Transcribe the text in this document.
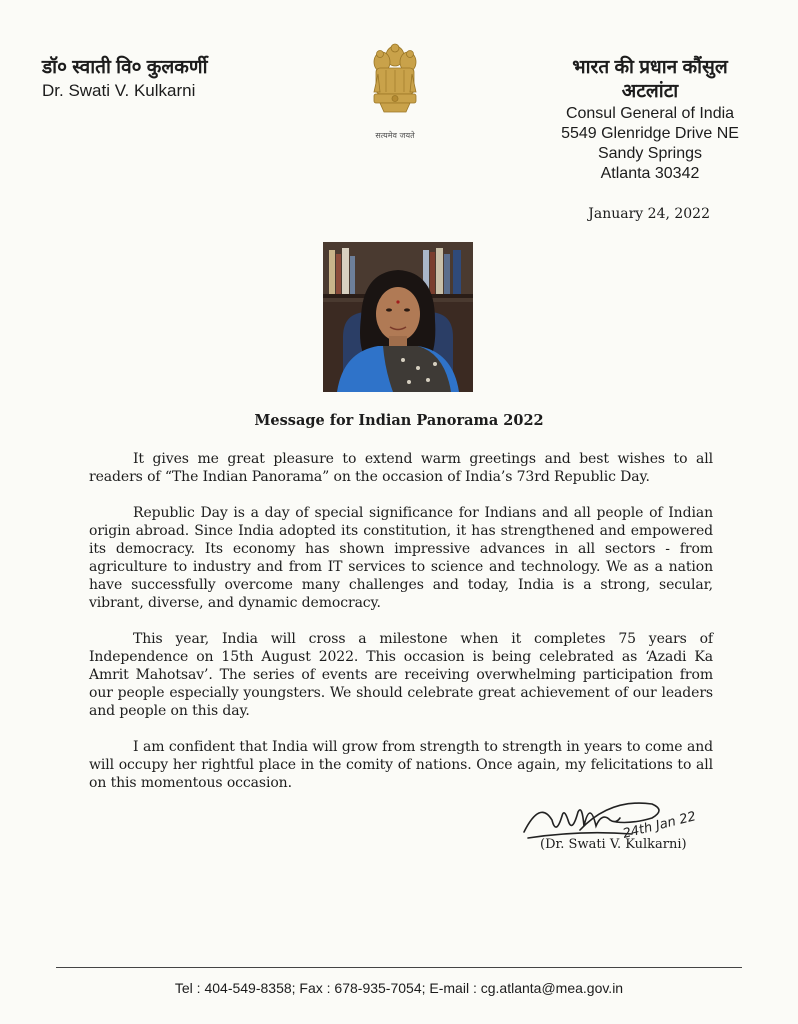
डॉ० स्वाती वि० कुलकर्णी
Dr. Swati V. Kulkarni
सत्यमेव जयते
भारत की प्रधान कौंसुल
अटलांटा
Consul General of India
5549 Glenridge Drive NE
Sandy Springs
Atlanta 30342
January 24, 2022
Message for Indian Panorama 2022

It gives me great pleasure to extend warm greetings and best wishes to all readers of “The Indian Panorama” on the occasion of India’s 73rd Republic Day.

Republic Day is a day of special significance for Indians and all people of Indian origin abroad. Since India adopted its constitution, it has strengthened and empowered its democracy. Its economy has shown impressive advances in all sectors - from agriculture to industry and from IT services to science and technology. We as a nation have successfully overcome many challenges and today, India is a strong, secular, vibrant, diverse, and dynamic democracy.

This year, India will cross a milestone when it completes 75 years of Independence on 15th August 2022. This occasion is being celebrated as ‘Azadi Ka Amrit Mahotsav’. The series of events are receiving overwhelming participation from our people especially youngsters. We should celebrate great achievement of our leaders and people on this day.

I am confident that India will grow from strength to strength in years to come and will occupy her rightful place in the comity of nations. Once again, my felicitations to all on this momentous occasion.

24th Jan 22
(Dr. Swati V. Kulkarni)
Tel : 404-549-8358; Fax : 678-935-7054; E-mail : cg.atlanta@mea.gov.in
